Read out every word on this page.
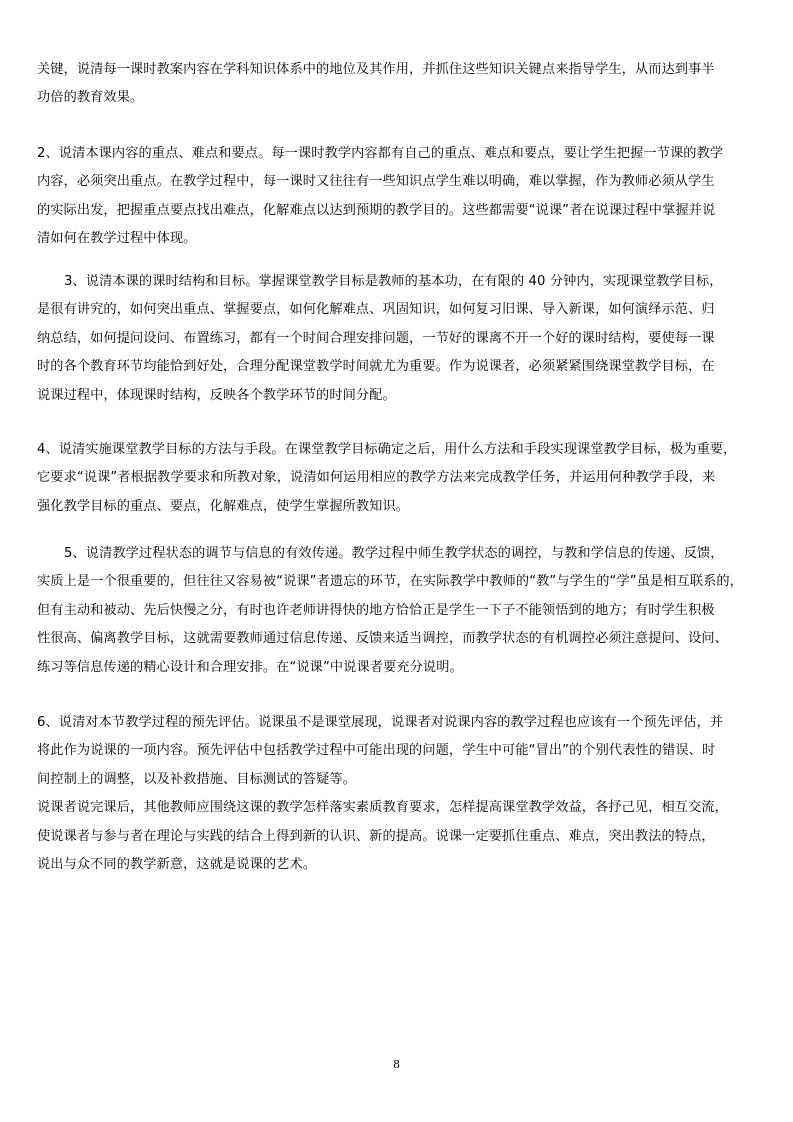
关键，说清每一课时教案内容在学科知识体系中的地位及其作用，并抓住这些知识关键点来指导学生，从而达到事半
功倍的教育效果。
2、说清本课内容的重点、难点和要点。每一课时教学内容都有自己的重点、难点和要点，要让学生把握一节课的教学
内容，必须突出重点。在教学过程中，每一课时又往往有一些知识点学生难以明确，难以掌握，作为教师必须从学生
的实际出发，把握重点要点找出难点，化解难点以达到预期的教学目的。这些都需要“说课”者在说课过程中掌握并说
清如何在教学过程中体现。
3、说清本课的课时结构和目标。掌握课堂教学目标是教师的基本功，在有限的 40 分钟内，实现课堂教学目标，
是很有讲究的，如何突出重点、掌握要点，如何化解难点、巩固知识，如何复习旧课、导入新课，如何演绎示范、归
纳总结，如何提问设问、布置练习，都有一个时间合理安排问题，一节好的课离不开一个好的课时结构，要使每一课
时的各个教育环节均能恰到好处，合理分配课堂教学时间就尤为重要。作为说课者，必须紧紧围绕课堂教学目标，在
说课过程中，体现课时结构，反映各个教学环节的时间分配。
4、说清实施课堂教学目标的方法与手段。在课堂教学目标确定之后，用什么方法和手段实现课堂教学目标，极为重要，
它要求“说课”者根据教学要求和所教对象，说清如何运用相应的教学方法来完成教学任务，并运用何种教学手段，来
强化教学目标的重点、要点，化解难点，使学生掌握所教知识。
5、说清教学过程状态的调节与信息的有效传递。教学过程中师生教学状态的调控，与教和学信息的传递、反馈，
实质上是一个很重要的，但往往又容易被“说课”者遗忘的环节，在实际教学中教师的“教”与学生的“学”虽是相互联系的，
但有主动和被动、先后快慢之分，有时也许老师讲得快的地方恰恰正是学生一下子不能领悟到的地方；有时学生积极
性很高、偏离教学目标，这就需要教师通过信息传递、反馈来适当调控，而教学状态的有机调控必须注意提问、设问、
练习等信息传递的精心设计和合理安排。在“说课”中说课者要充分说明。
6、说清对本节教学过程的预先评估。说课虽不是课堂展现，说课者对说课内容的教学过程也应该有一个预先评估，并
将此作为说课的一项内容。预先评估中包括教学过程中可能出现的问题，学生中可能“冒出”的个别代表性的错误、时
间控制上的调整，以及补救措施、目标测试的答疑等。
说课者说完课后，其他教师应围绕这课的教学怎样落实素质教育要求，怎样提高课堂教学效益，各抒己见，相互交流，
使说课者与参与者在理论与实践的结合上得到新的认识、新的提高。说课一定要抓住重点、难点，突出教法的特点，
说出与众不同的教学新意，这就是说课的艺术。
8
